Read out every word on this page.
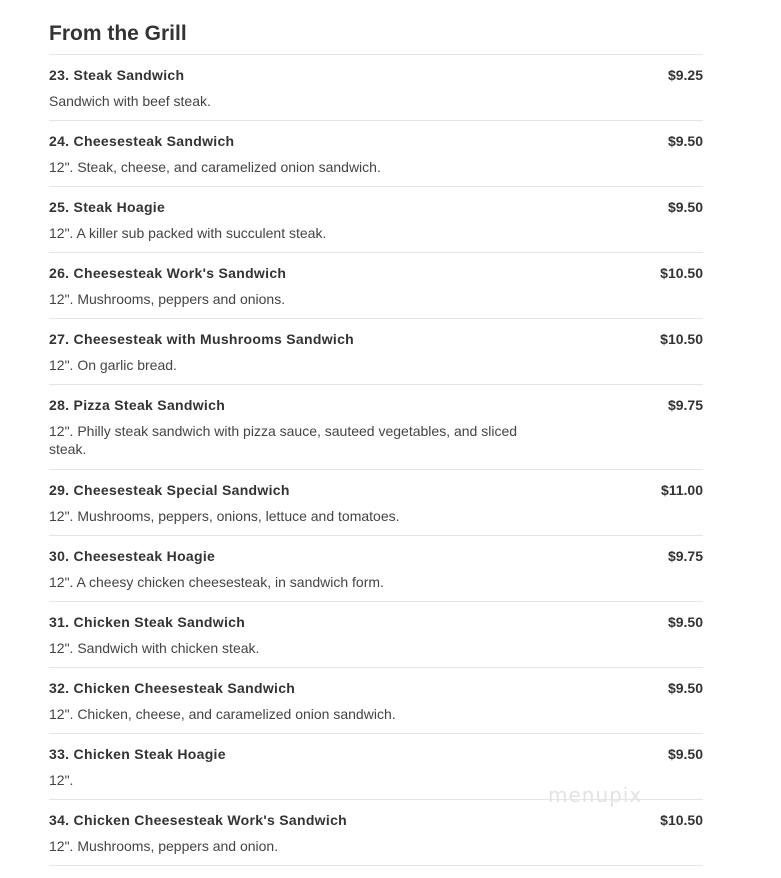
From the Grill
23. Steak Sandwich	$9.25
Sandwich with beef steak.
24. Cheesesteak Sandwich	$9.50
12". Steak, cheese, and caramelized onion sandwich.
25. Steak Hoagie	$9.50
12". A killer sub packed with succulent steak.
26. Cheesesteak Work's Sandwich	$10.50
12". Mushrooms, peppers and onions.
27. Cheesesteak with Mushrooms Sandwich	$10.50
12". On garlic bread.
28. Pizza Steak Sandwich	$9.75
12". Philly steak sandwich with pizza sauce, sauteed vegetables, and sliced steak.
29. Cheesesteak Special Sandwich	$11.00
12". Mushrooms, peppers, onions, lettuce and tomatoes.
30. Cheesesteak Hoagie	$9.75
12". A cheesy chicken cheesesteak, in sandwich form.
31. Chicken Steak Sandwich	$9.50
12". Sandwich with chicken steak.
32. Chicken Cheesesteak Sandwich	$9.50
12". Chicken, cheese, and caramelized onion sandwich.
33. Chicken Steak Hoagie	$9.50
12".
34. Chicken Cheesesteak Work's Sandwich	$10.50
12". Mushrooms, peppers and onion.
menupix
